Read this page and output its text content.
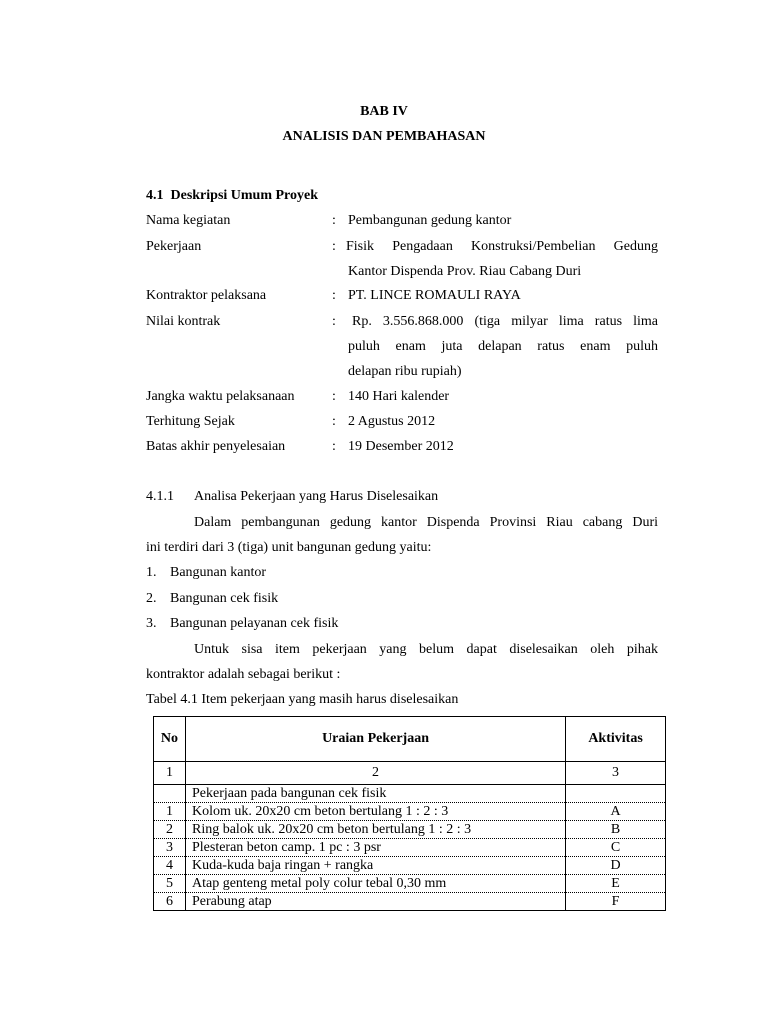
BAB IV
ANALISIS DAN PEMBAHASAN
4.1 Deskripsi Umum Proyek
Nama kegiatan	: Pembangunan gedung kantor
Pekerjaan	: Fisik Pengadaan Konstruksi/Pembelian Gedung
Kantor Dispenda Prov. Riau Cabang Duri
Kontraktor pelaksana	: PT. LINCE ROMAULI RAYA
Nilai kontrak	: Rp. 3.556.868.000 (tiga milyar lima ratus lima
puluh enam juta delapan ratus enam puluh
delapan ribu rupiah)
Jangka waktu pelaksanaan	: 140 Hari kalender
Terhitung Sejak	: 2 Agustus 2012
Batas akhir penyelesaian	: 19 Desember 2012
4.1.1 Analisa Pekerjaan yang Harus Diselesaikan
Dalam pembangunan gedung kantor Dispenda Provinsi Riau cabang Duri
ini terdiri dari 3 (tiga) unit bangunan gedung yaitu:
1. Bangunan kantor
2. Bangunan cek fisik
3. Bangunan pelayanan cek fisik
Untuk sisa item pekerjaan yang belum dapat diselesaikan oleh pihak
kontraktor adalah sebagai berikut :
Tabel 4.1 Item pekerjaan yang masih harus diselesaikan
No	Uraian Pekerjaan	Aktivitas
1	2	3
	Pekerjaan pada bangunan cek fisik	
1	Kolom uk. 20x20 cm beton bertulang 1 : 2 : 3	A
2	Ring balok uk. 20x20 cm beton bertulang 1 : 2 : 3	B
3	Plesteran beton camp. 1 pc : 3 psr	C
4	Kuda-kuda baja ringan + rangka	D
5	Atap genteng metal poly colur tebal 0,30 mm	E
6	Perabung atap	F
